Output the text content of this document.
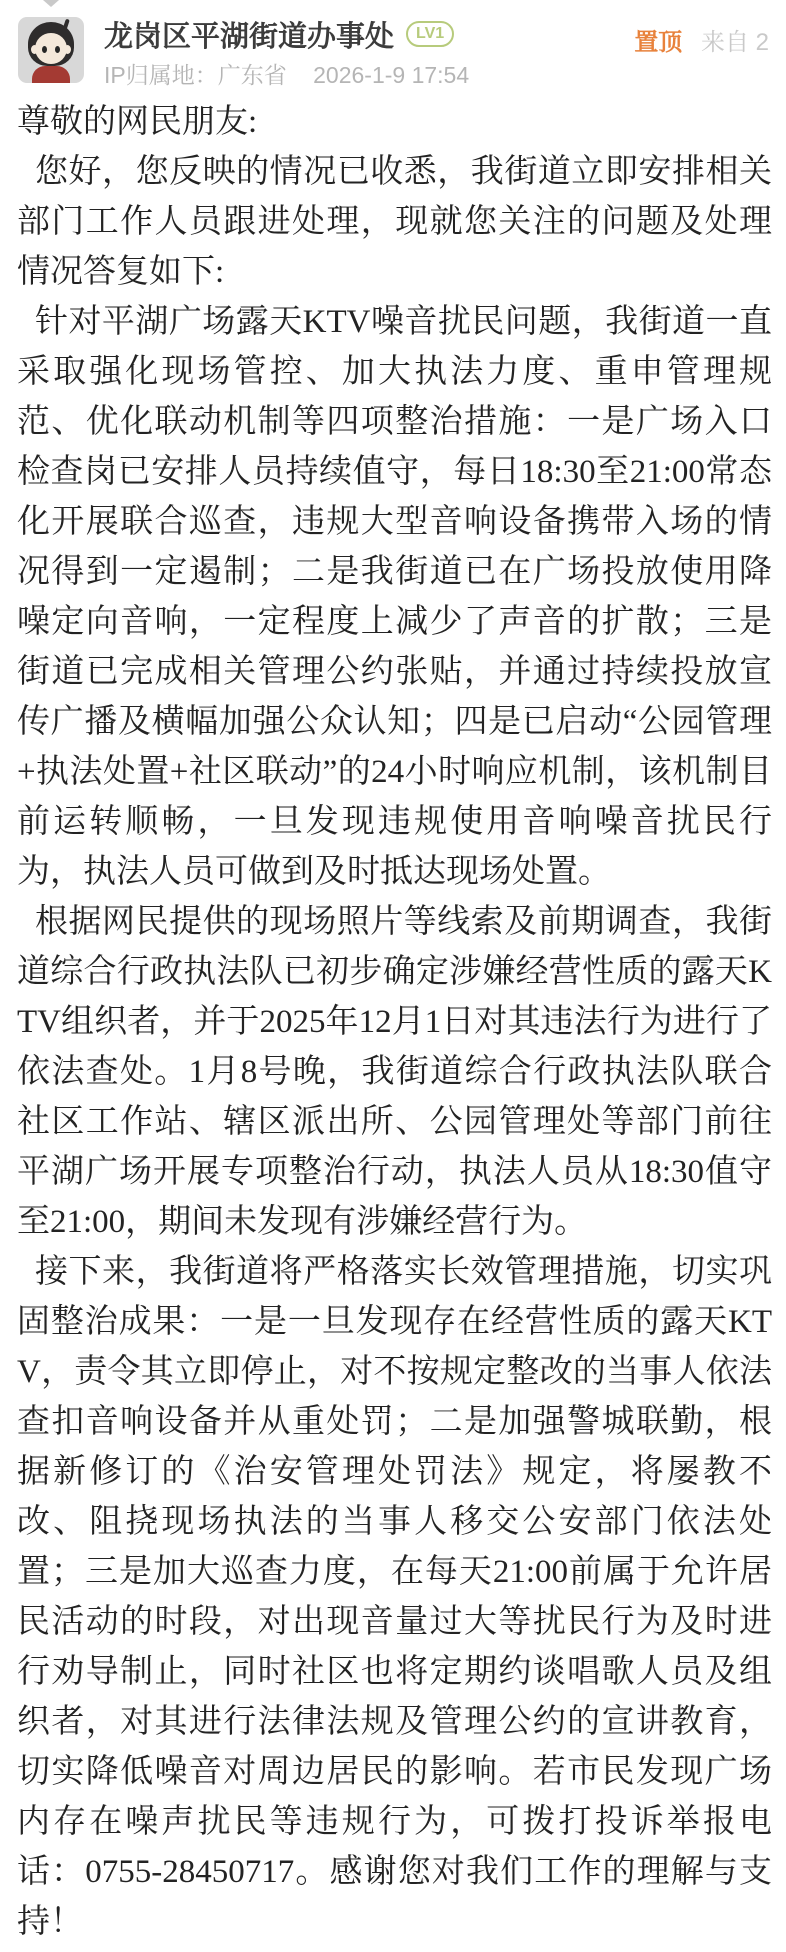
龙岗区平湖街道办事处	LV1
IP归属地：广东省 2026-1-9 17:54
置顶 来自 2

尊敬的网民朋友:

您好，您反映的情况已收悉，我街道立即安排相关部门工作人员跟进处理，现就您关注的问题及处理情况答复如下:

针对平湖广场露天KTV噪音扰民问题，我街道一直采取强化现场管控、加大执法力度、重申管理规范、优化联动机制等四项整治措施：一是广场入口检查岗已安排人员持续值守，每日18:30至21:00常态化开展联合巡查，违规大型音响设备携带入场的情况得到一定遏制；二是我街道已在广场投放使用降噪定向音响，一定程度上减少了声音的扩散；三是街道已完成相关管理公约张贴，并通过持续投放宣传广播及横幅加强公众认知；四是已启动“公园管理+执法处置+社区联动”的24小时响应机制，该机制目前运转顺畅，一旦发现违规使用音响噪音扰民行为，执法人员可做到及时抵达现场处置。

根据网民提供的现场照片等线索及前期调查，我街道综合行政执法队已初步确定涉嫌经营性质的露天KTV组织者，并于2025年12月1日对其违法行为进行了依法查处。1月8号晚，我街道综合行政执法队联合社区工作站、辖区派出所、公园管理处等部门前往平湖广场开展专项整治行动，执法人员从18:30值守至21:00，期间未发现有涉嫌经营行为。

接下来，我街道将严格落实长效管理措施，切实巩固整治成果：一是一旦发现存在经营性质的露天KTV，责令其立即停止，对不按规定整改的当事人依法查扣音响设备并从重处罚；二是加强警城联勤，根据新修订的《治安管理处罚法》规定，将屡教不改、阻挠现场执法的当事人移交公安部门依法处置；三是加大巡查力度，在每天21:00前属于允许居民活动的时段，对出现音量过大等扰民行为及时进行劝导制止，同时社区也将定期约谈唱歌人员及组织者，对其进行法律法规及管理公约的宣讲教育，切实降低噪音对周边居民的影响。若市民发现广场内存在噪声扰民等违规行为，可拨打投诉举报电话：0755-28450717。感谢您对我们工作的理解与支持！
